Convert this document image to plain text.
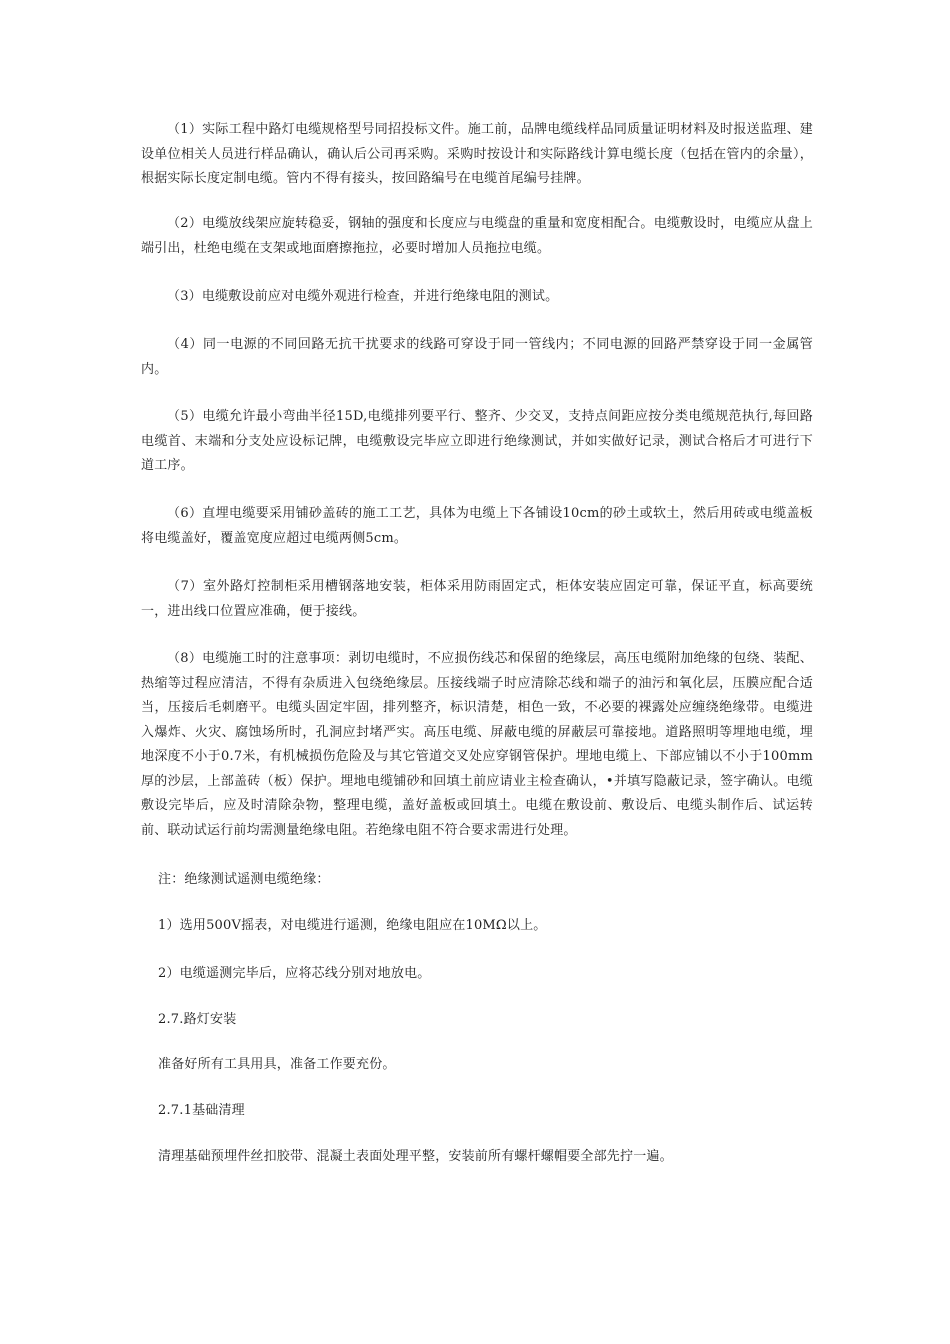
（1）实际工程中路灯电缆规格型号同招投标文件。施工前，品牌电缆线样品同质量证明材料及时报送监理、建设单位相关人员进行样品确认，确认后公司再采购。采购时按设计和实际路线计算电缆长度（包括在管内的余量），根据实际长度定制电缆。管内不得有接头，按回路编号在电缆首尾编号挂牌。

（2）电缆放线架应旋转稳妥，钢轴的强度和长度应与电缆盘的重量和宽度相配合。电缆敷设时，电缆应从盘上端引出，杜绝电缆在支架或地面磨擦拖拉，必要时增加人员拖拉电缆。

（3）电缆敷设前应对电缆外观进行检查，并进行绝缘电阻的测试。

（4）同一电源的不同回路无抗干扰要求的线路可穿设于同一管线内；不同电源的回路严禁穿设于同一金属管内。

（5）电缆允许最小弯曲半径15D,电缆排列要平行、整齐、少交叉，支持点间距应按分类电缆规范执行,每回路电缆首、末端和分支处应设标记牌，电缆敷设完毕应立即进行绝缘测试，并如实做好记录，测试合格后才可进行下道工序。

（6）直埋电缆要采用铺砂盖砖的施工工艺，具体为电缆上下各铺设10cm的砂土或软土，然后用砖或电缆盖板将电缆盖好，覆盖宽度应超过电缆两侧5cm。

（7）室外路灯控制柜采用槽钢落地安装，柜体采用防雨固定式，柜体安装应固定可靠，保证平直，标高要统一，进出线口位置应准确，便于接线。

（8）电缆施工时的注意事项：剥切电缆时，不应损伤线芯和保留的绝缘层，高压电缆附加绝缘的包绕、装配、热缩等过程应清洁，不得有杂质进入包绕绝缘层。压接线端子时应清除芯线和端子的油污和氧化层，压膜应配合适当，压接后毛刺磨平。电缆头固定牢固，排列整齐，标识清楚，相色一致，不必要的裸露处应缠绕绝缘带。电缆进入爆炸、火灾、腐蚀场所时，孔洞应封堵严实。高压电缆、屏蔽电缆的屏蔽层可靠接地。道路照明等埋地电缆，埋地深度不小于0.7米，有机械损伤危险及与其它管道交叉处应穿钢管保护。埋地电缆上、下部应铺以不小于100mm厚的沙层，上部盖砖（板）保护。埋地电缆铺砂和回填土前应请业主检查确认，•并填写隐蔽记录，签字确认。电缆敷设完毕后，应及时清除杂物，整理电缆，盖好盖板或回填土。电缆在敷设前、敷设后、电缆头制作后、试运转前、联动试运行前均需测量绝缘电阻。若绝缘电阻不符合要求需进行处理。

注：绝缘测试遥测电缆绝缘：

1）选用500V摇表，对电缆进行遥测，绝缘电阻应在10MΩ以上。

2）电缆遥测完毕后，应将芯线分别对地放电。

2.7.路灯安装

准备好所有工具用具，准备工作要充份。

2.7.1基础清理

清理基础预埋件丝扣胶带、混凝土表面处理平整，安装前所有螺杆螺帽要全部先拧一遍。
